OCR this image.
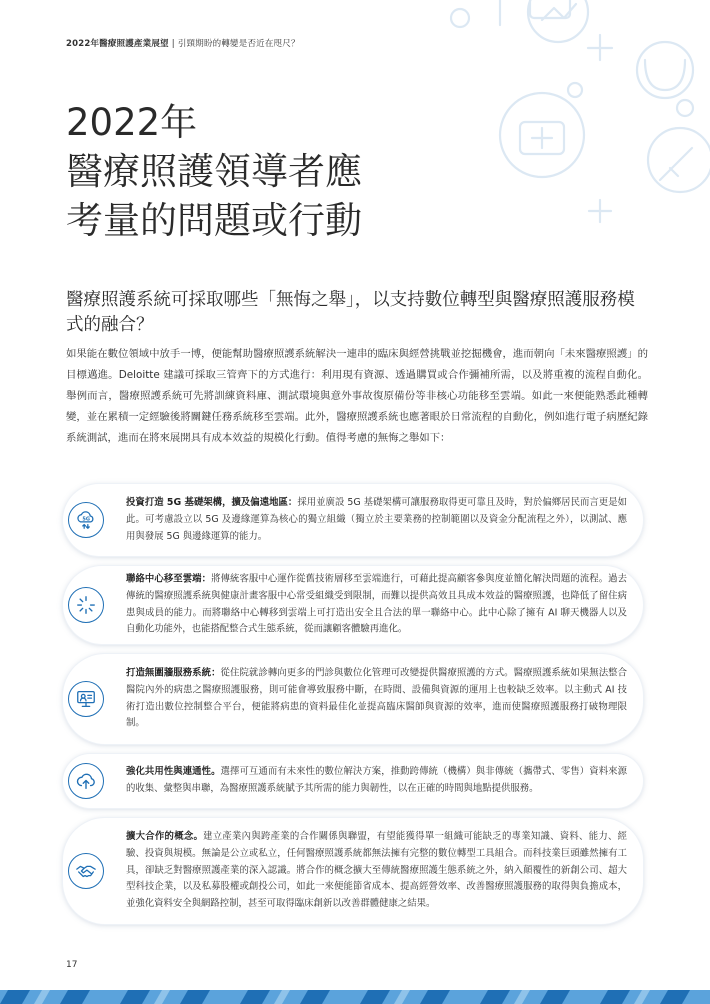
2022年醫療照護產業展望 | 引頸期盼的轉變是否近在咫尺？
2022年
醫療照護領導者應
考量的問題或行動
醫療照護系統可採取哪些「無悔之舉」，以支持數位轉型與醫療照護服務模式的融合？

如果能在數位領域中放手一博，便能幫助醫療照護系統解決一連串的臨床與經營挑戰並挖掘機會，進而朝向「未來醫療照護」的目標邁進。Deloitte 建議可採取三管齊下的方式進行：利用現有資源、透過購買或合作彌補所需，以及將重複的流程自動化。舉例而言，醫療照護系統可先將訓練資料庫、測試環境與意外事故復原備份等非核心功能移至雲端。如此一來便能熟悉此種轉變，並在累積一定經驗後將關鍵任務系統移至雲端。此外，醫療照護系統也應著眼於日常流程的自動化，例如進行電子病歷紀錄系統測試，進而在將來展開具有成本效益的規模化行動。值得考慮的無悔之舉如下：

5G
投資打造 5G 基礎架構，擴及偏遠地區：採用並廣設 5G 基礎架構可讓服務取得更可靠且及時，對於偏鄉居民而言更是如此。可考慮設立以 5G 及邊緣運算為核心的獨立組織（獨立於主要業務的控制範圍以及資金分配流程之外），以測試、應用與發展 5G 與邊緣運算的能力。
聯絡中心移至雲端：將傳統客服中心運作從舊技術層移至雲端進行，可藉此提高顧客參與度並簡化解決問題的流程。過去傳統的醫療照護系統與健康計畫客服中心常受組織受到限制，而難以提供高效且具成本效益的醫療照護，也降低了留住病患與成員的能力。而將聯絡中心轉移到雲端上可打造出安全且合法的單一聯絡中心。此中心除了擁有 AI 聊天機器人以及自動化功能外，也能搭配整合式生態系統，從而讓顧客體驗再進化。
打造無圍牆服務系統：從住院就診轉向更多的門診與數位化管理可改變提供醫療照護的方式。醫療照護系統如果無法整合醫院內外的病患之醫療照護服務，則可能會導致服務中斷，在時間、設備與資源的運用上也較缺乏效率。以主動式 AI 技術打造出數位控制整合平台，便能將病患的資料最佳化並提高臨床醫師與資源的效率，進而使醫療照護服務打破物理限制。
強化共用性與連通性。選擇可互通而有未來性的數位解決方案，推動跨傳統（機構）與非傳統（攜帶式、零售）資料來源的收集、彙整與串聯，為醫療照護系統賦予其所需的能力與韌性，以在正確的時間與地點提供服務。
擴大合作的概念。建立產業內與跨產業的合作關係與聯盟，有望能獲得單一組織可能缺乏的專業知識、資料、能力、經驗、投資與規模。無論是公立或私立，任何醫療照護系統都無法擁有完整的數位轉型工具組合。而科技業巨頭雖然擁有工具，卻缺乏對醫療照護產業的深入認識。將合作的概念擴大至傳統醫療照護生態系統之外，納入顛覆性的新創公司、超大型科技企業，以及私募股權或創投公司，如此一來便能節省成本、提高經營效率、改善醫療照護服務的取得與負擔成本，並強化資料安全與網路控制，甚至可取得臨床創新以改善群體健康之結果。
17
